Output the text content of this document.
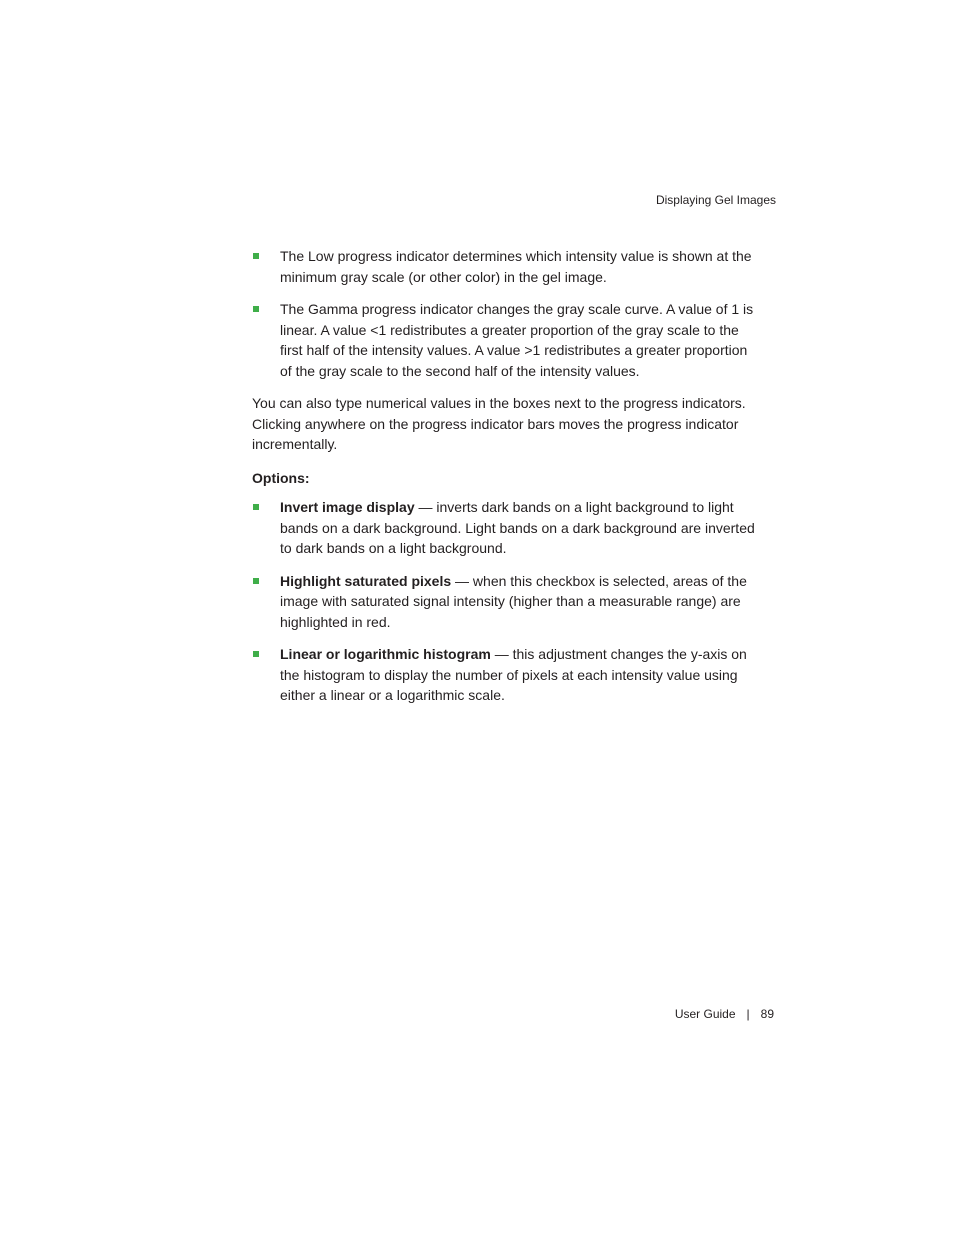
Displaying Gel Images
The Low progress indicator determines which intensity value is shown at the minimum gray scale (or other color) in the gel image.
The Gamma progress indicator changes the gray scale curve. A value of 1 is linear. A value <1 redistributes a greater proportion of the gray scale to the first half of the intensity values. A value >1 redistributes a greater proportion of the gray scale to the second half of the intensity values.

You can also type numerical values in the boxes next to the progress indicators. Clicking anywhere on the progress indicator bars moves the progress indicator incrementally.

Options:

Invert image display — inverts dark bands on a light background to light bands on a dark background. Light bands on a dark background are inverted to dark bands on a light background.
Highlight saturated pixels — when this checkbox is selected, areas of the image with saturated signal intensity (higher than a measurable range) are highlighted in red.
Linear or logarithmic histogram — this adjustment changes the y-axis on the histogram to display the number of pixels at each intensity value using either a linear or a logarithmic scale.
User Guide | 89
